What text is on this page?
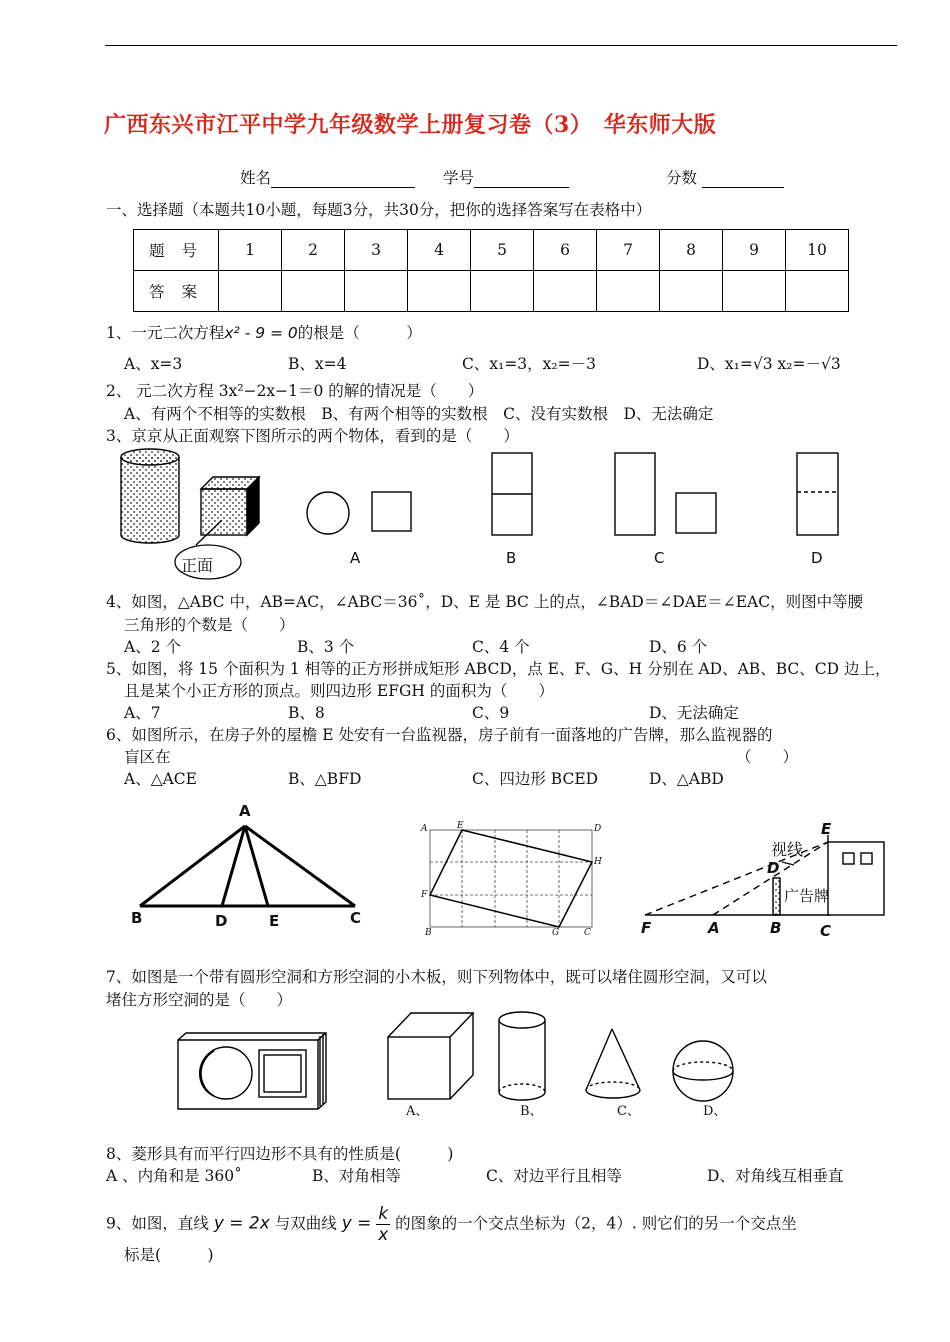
广西东兴市江平中学九年级数学上册复习卷（3）　华东师大版
姓名	学号	分数
一、选择题（本题共10小题，每题3分，共30分，把你的选择答案写在表格中）
题 号	1	2	3	4	5	6	7	8	9	10
答 案										
1、一元二次方程x² - 9 = 0的根是（　　　）
A、x=3	B、x=4	C、x₁=3，x₂=－3	D、x₁=√3 x₂=－√3
2、 元二次方程 3x²−2x−1＝0 的解的情况是（　　）
A、有两个不相等的实数根　B、有两个相等的实数根　C、没有实数根　D、无法确定
3、京京从正面观察下图所示的两个物体，看到的是（　　）
正面	A	B	C	D
4、如图，△ABC 中，AB=AC，∠ABC＝36˚，D、E 是 BC 上的点，∠BAD＝∠DAE＝∠EAC，则图中等腰
三角形的个数是（　　）
A、2 个	B、3 个	C、4 个	D、6 个
5、如图，将 15 个面积为 1 相等的正方形拼成矩形 ABCD，点 E、F、G、H 分别在 AD、AB、BC、CD 边上，
且是某个小正方形的顶点。则四边形 EFGH 的面积为（　　）
A、7	B、8	C、9	D、无法确定
6、如图所示，在房子外的屋檐 E 处安有一台监视器，房子前有一面落地的广告牌，那么监视器的
盲区在	（　　）
A、△ACE	B、△BFD	C、四边形 BCED	D、△ABD
A
B	D	E	C
A	E	D
H
F
B	G	C
视线
E
D
广告牌
F	A	B	C
7、如图是一个带有圆形空洞和方形空洞的小木板，则下列物体中，既可以堵住圆形空洞，又可以
堵住方形空洞的是（　　）
A、	B、	C、	D、
8、菱形具有而平行四边形不具有的性质是(　　　)
A 、内角和是 360˚	B、对角相等	C、对边平行且相等	D、对角线互相垂直
9、如图，直线 y = 2x 与双曲线 $y = \frac{k}{x}$ 的图象的一个交点坐标为（2，4）. 则它们的另一个交点坐
标是(　　　)
